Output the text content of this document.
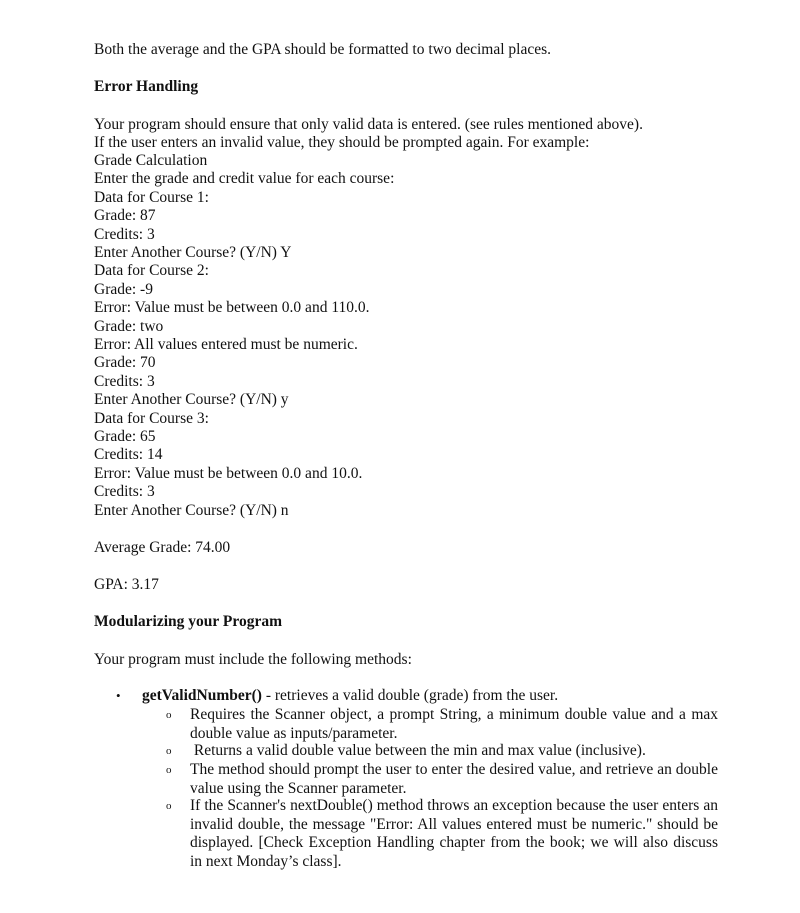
Both the average and the GPA should be formatted to two decimal places.
Error Handling
Your program should ensure that only valid data is entered. (see rules mentioned above).
If the user enters an invalid value, they should be prompted again. For example:
Grade Calculation
Enter the grade and credit value for each course:
Data for Course 1:
Grade: 87
Credits: 3
Enter Another Course? (Y/N) Y
Data for Course 2:
Grade: -9
Error: Value must be between 0.0 and 110.0.
Grade: two
Error: All values entered must be numeric.
Grade: 70
Credits: 3
Enter Another Course? (Y/N) y
Data for Course 3:
Grade: 65
Credits: 14
Error: Value must be between 0.0 and 10.0.
Credits: 3
Enter Another Course? (Y/N) n
Average Grade: 74.00
GPA: 3.17
Modularizing your Program
Your program must include the following methods:
• getValidNumber() - retrieves a valid double (grade) from the user.
o Requires the Scanner object, a prompt String, a minimum double value and a max double value as inputs/parameter.
o Returns a valid double value between the min and max value (inclusive).
o The method should prompt the user to enter the desired value, and retrieve an double value using the Scanner parameter.
o If the Scanner's nextDouble() method throws an exception because the user enters an invalid double, the message "Error: All values entered must be numeric." should be displayed. [Check Exception Handling chapter from the book; we will also discuss in next Monday’s class].
